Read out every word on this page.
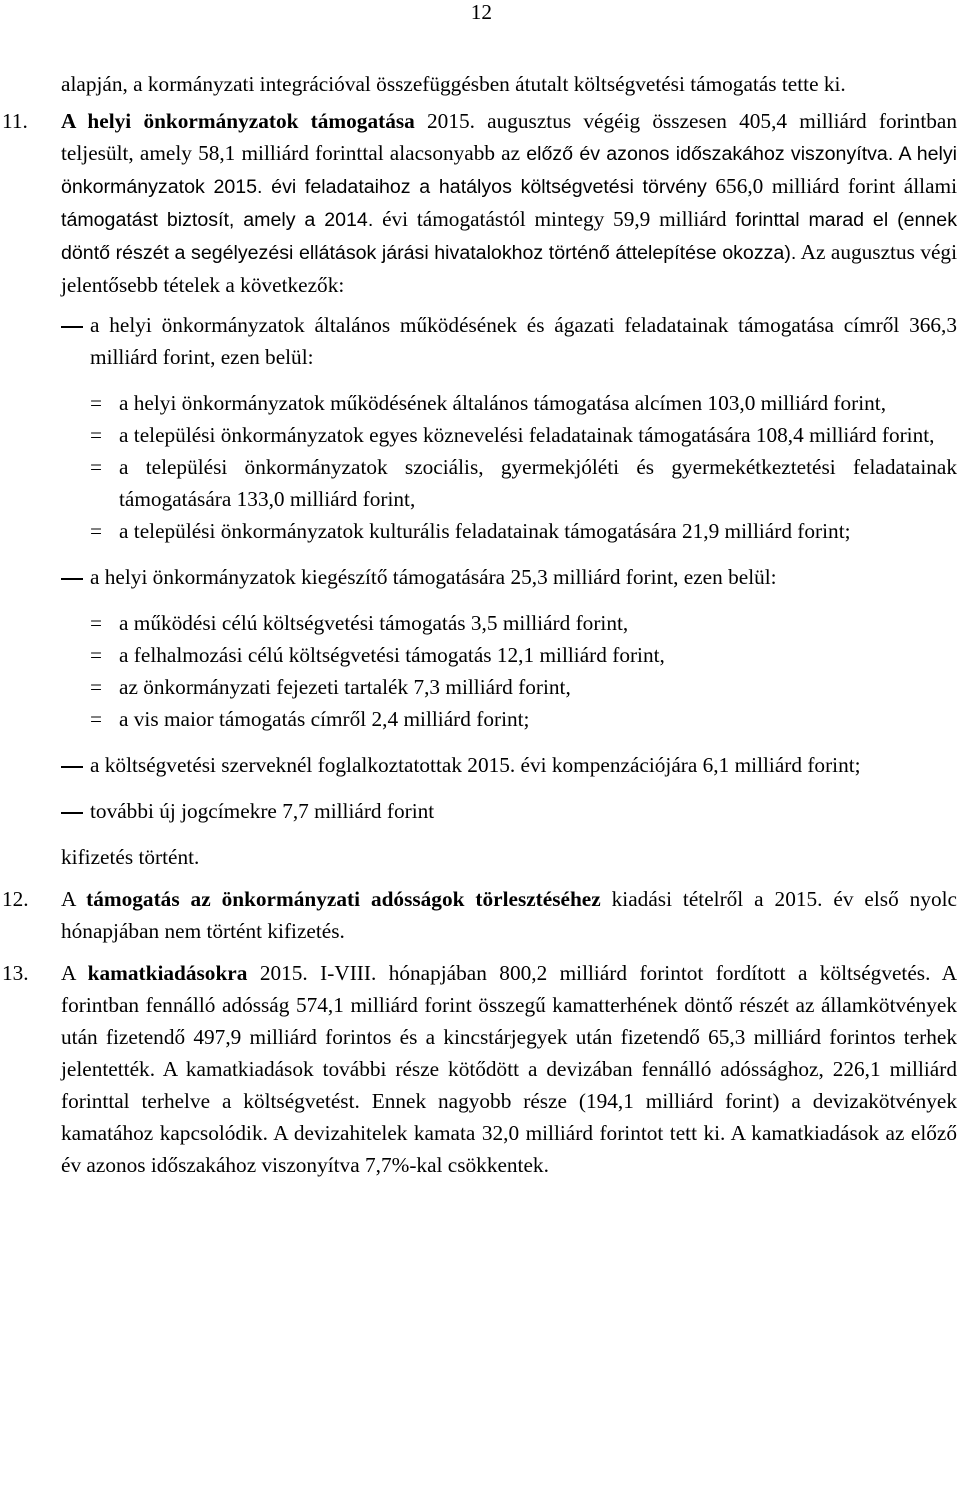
12

alapján, a kormányzati integrációval összefüggésben átutalt költségvetési támogatás tette ki.

11. A helyi önkormányzatok támogatása 2015. augusztus végéig összesen 405,4 milliárd forintban teljesült, amely 58,1 milliárd forinttal alacsonyabb az előző év azonos időszakához viszonyítva. A helyi önkormányzatok 2015. évi feladataihoz a hatályos költségvetési törvény 656,0 milliárd forint állami támogatást biztosít, amely a 2014. évi támogatástól mintegy 59,9 milliárd forinttal marad el (ennek döntő részét a segélyezési ellátások járási hivatalokhoz történő áttelepítése okozza). Az augusztus végi jelentősebb tételek a következők:

a helyi önkormányzatok általános működésének és ágazati feladatainak támogatása címről 366,3 milliárd forint, ezen belül:
= a helyi önkormányzatok működésének általános támogatása alcímen 103,0 milliárd forint,
= a települési önkormányzatok egyes köznevelési feladatainak támogatására 108,4 milliárd forint,
= a települési önkormányzatok szociális, gyermekjóléti és gyermekétkeztetési feladatainak támogatására 133,0 milliárd forint,
= a települési önkormányzatok kulturális feladatainak támogatására 21,9 milliárd forint;
a helyi önkormányzatok kiegészítő támogatására 25,3 milliárd forint, ezen belül:
= a működési célú költségvetési támogatás 3,5 milliárd forint,
= a felhalmozási célú költségvetési támogatás 12,1 milliárd forint,
= az önkormányzati fejezeti tartalék 7,3 milliárd forint,
= a vis maior támogatás címről 2,4 milliárd forint;
a költségvetési szerveknél foglalkoztatottak 2015. évi kompenzációjára 6,1 milliárd forint;
további új jogcímekre 7,7 milliárd forint

kifizetés történt.

12. A támogatás az önkormányzati adósságok törlesztéséhez kiadási tételről a 2015. év első nyolc hónapjában nem történt kifizetés.

13. A kamatkiadásokra 2015. I-VIII. hónapjában 800,2 milliárd forintot fordított a költségvetés. A forintban fennálló adósság 574,1 milliárd forint összegű kamatterhének döntő részét az államkötvények után fizetendő 497,9 milliárd forintos és a kincstárjegyek után fizetendő 65,3 milliárd forintos terhek jelentették. A kamatkiadások további része kötődött a devizában fennálló adóssághoz, 226,1 milliárd forinttal terhelve a költségvetést. Ennek nagyobb része (194,1 milliárd forint) a devizakötvények kamatához kapcsolódik. A devizahitelek kamata 32,0 milliárd forintot tett ki. A kamatkiadások az előző év azonos időszakához viszonyítva 7,7%-kal csökkentek.
